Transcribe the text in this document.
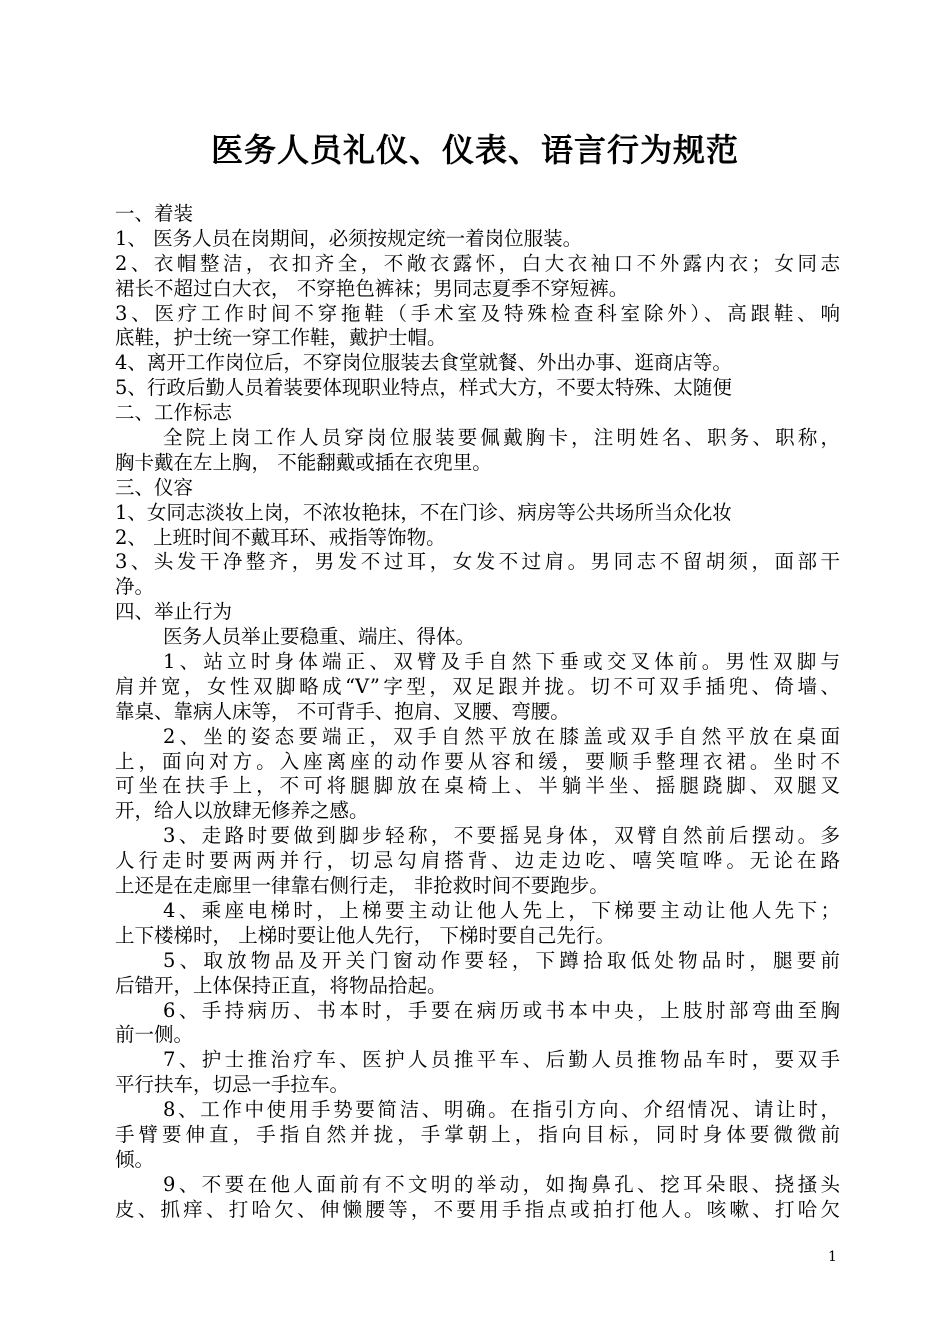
医务人员礼仪、仪表、语言行为规范
一、着装
1、 医务人员在岗期间，必须按规定统一着岗位服装。
2、衣帽整洁，衣扣齐全，不敞衣露怀，白大衣袖口不外露内衣；女同志
裙长不超过白大衣， 不穿艳色裤袜；男同志夏季不穿短裤。
3、医疗工作时间不穿拖鞋（手术室及特殊检查科室除外）、高跟鞋、响
底鞋，护士统一穿工作鞋，戴护士帽。
4、离开工作岗位后，不穿岗位服装去食堂就餐、外出办事、逛商店等。
5、行政后勤人员着装要体现职业特点，样式大方，不要太特殊、太随便
二、工作标志
全院上岗工作人员穿岗位服装要佩戴胸卡，注明姓名、职务、职称，
胸卡戴在左上胸， 不能翻戴或插在衣兜里。
三、仪容
1、女同志淡妆上岗，不浓妆艳抹，不在门诊、病房等公共场所当众化妆
2、 上班时间不戴耳环、戒指等饰物。
3、头发干净整齐，男发不过耳，女发不过肩。男同志不留胡须，面部干
净。
四、举止行为
医务人员举止要稳重、端庄、得体。
1、站立时身体端正、双臂及手自然下垂或交叉体前。男性双脚与
肩并宽，女性双脚略成“V”字型，双足跟并拢。切不可双手插兜、倚墙、
靠桌、靠病人床等， 不可背手、抱肩、叉腰、弯腰。
2、坐的姿态要端正，双手自然平放在膝盖或双手自然平放在桌面
上，面向对方。入座离座的动作要从容和缓，要顺手整理衣裙。坐时不
可坐在扶手上，不可将腿脚放在桌椅上、半躺半坐、摇腿跷脚、双腿叉
开，给人以放肆无修养之感。
3、走路时要做到脚步轻称，不要摇晃身体，双臂自然前后摆动。多
人行走时要两两并行，切忌勾肩搭背、边走边吃、嘻笑喧哗。无论在路
上还是在走廊里一律靠右侧行走， 非抢救时间不要跑步。
4、乘座电梯时，上梯要主动让他人先上，下梯要主动让他人先下；
上下楼梯时， 上梯时要让他人先行， 下梯时要自己先行。
5、取放物品及开关门窗动作要轻，下蹲拾取低处物品时，腿要前
后错开，上体保持正直，将物品拾起。
6、手持病历、书本时，手要在病历或书本中央，上肢肘部弯曲至胸
前一侧。
7、护士推治疗车、医护人员推平车、后勤人员推物品车时，要双手
平行扶车，切忌一手拉车。
8、工作中使用手势要简洁、明确。在指引方向、介绍情况、请让时，
手臂要伸直，手指自然并拢，手掌朝上，指向目标，同时身体要微微前
倾。
9、不要在他人面前有不文明的举动，如掏鼻孔、挖耳朵眼、挠搔头
皮、抓痒、打哈欠、伸懒腰等，不要用手指点或拍打他人。咳嗽、打哈欠
1
